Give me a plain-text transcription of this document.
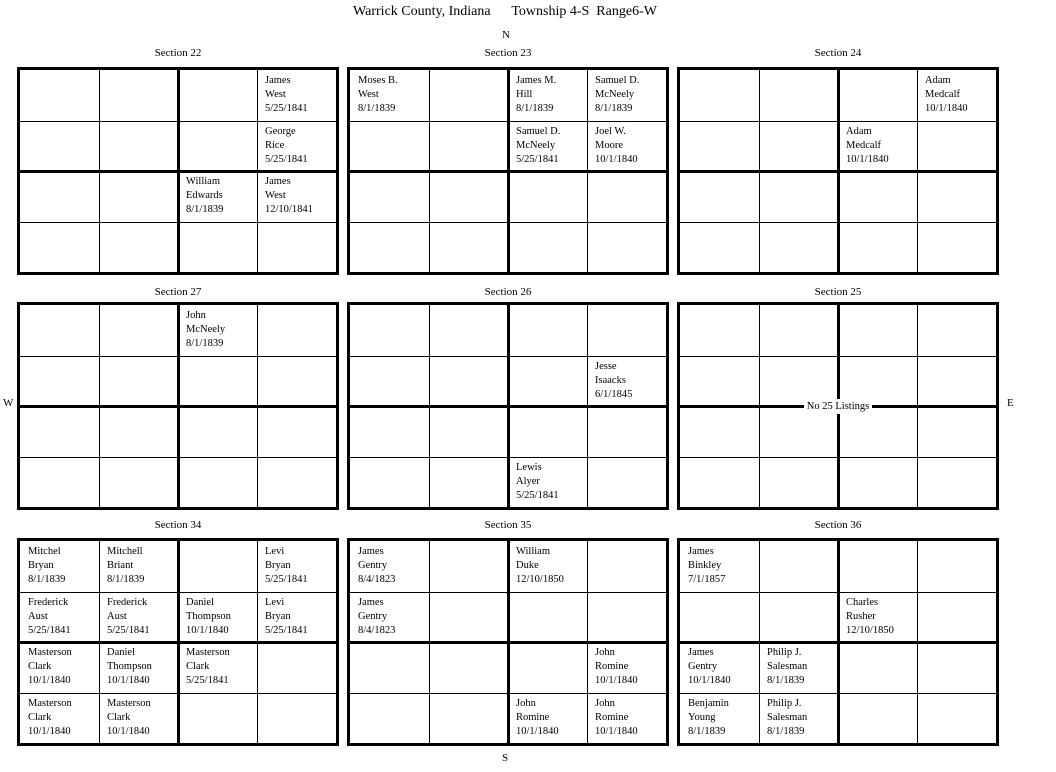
Warrick County, Indiana      Township 4-S  Range6-W
N
S
W	E
Section 22
James
West
5/25/1841
George
Rice
5/25/1841
William
Edwards
8/1/1839
James
West
12/10/1841
Section 23
Moses B.
West
8/1/1839
James M.
Hill
8/1/1839
Samuel D.
McNeely
8/1/1839
Samuel D.
McNeely
5/25/1841
Joel W.
Moore
10/1/1840
Section 24
Adam
Medcalf
10/1/1840
Adam
Medcalf
10/1/1840
Section 27
John
McNeely
8/1/1839
Section 26
Jesse
Isaacks
6/1/1845
Lewis
Alyer
5/25/1841
Section 25
No 25 Listings
Section 34
Mitchel
Bryan
8/1/1839
Mitchell
Briant
8/1/1839
Levi
Bryan
5/25/1841
Frederick
Aust
5/25/1841
Frederick
Aust
5/25/1841
Daniel
Thompson
10/1/1840
Levi
Bryan
5/25/1841
Masterson
Clark
10/1/1840
Daniel
Thompson
10/1/1840
Masterson
Clark
5/25/1841
Masterson
Clark
10/1/1840
Masterson
Clark
10/1/1840
Section 35
James
Gentry
8/4/1823
William
Duke
12/10/1850
James
Gentry
8/4/1823
John
Romine
10/1/1840
John
Romine
10/1/1840
John
Romine
10/1/1840
Section 36
James
Binkley
7/1/1857
Charles
Rusher
12/10/1850
James
Gentry
10/1/1840
Philip J.
Salesman
8/1/1839
Benjamin
Young
8/1/1839
Philip J.
Salesman
8/1/1839
